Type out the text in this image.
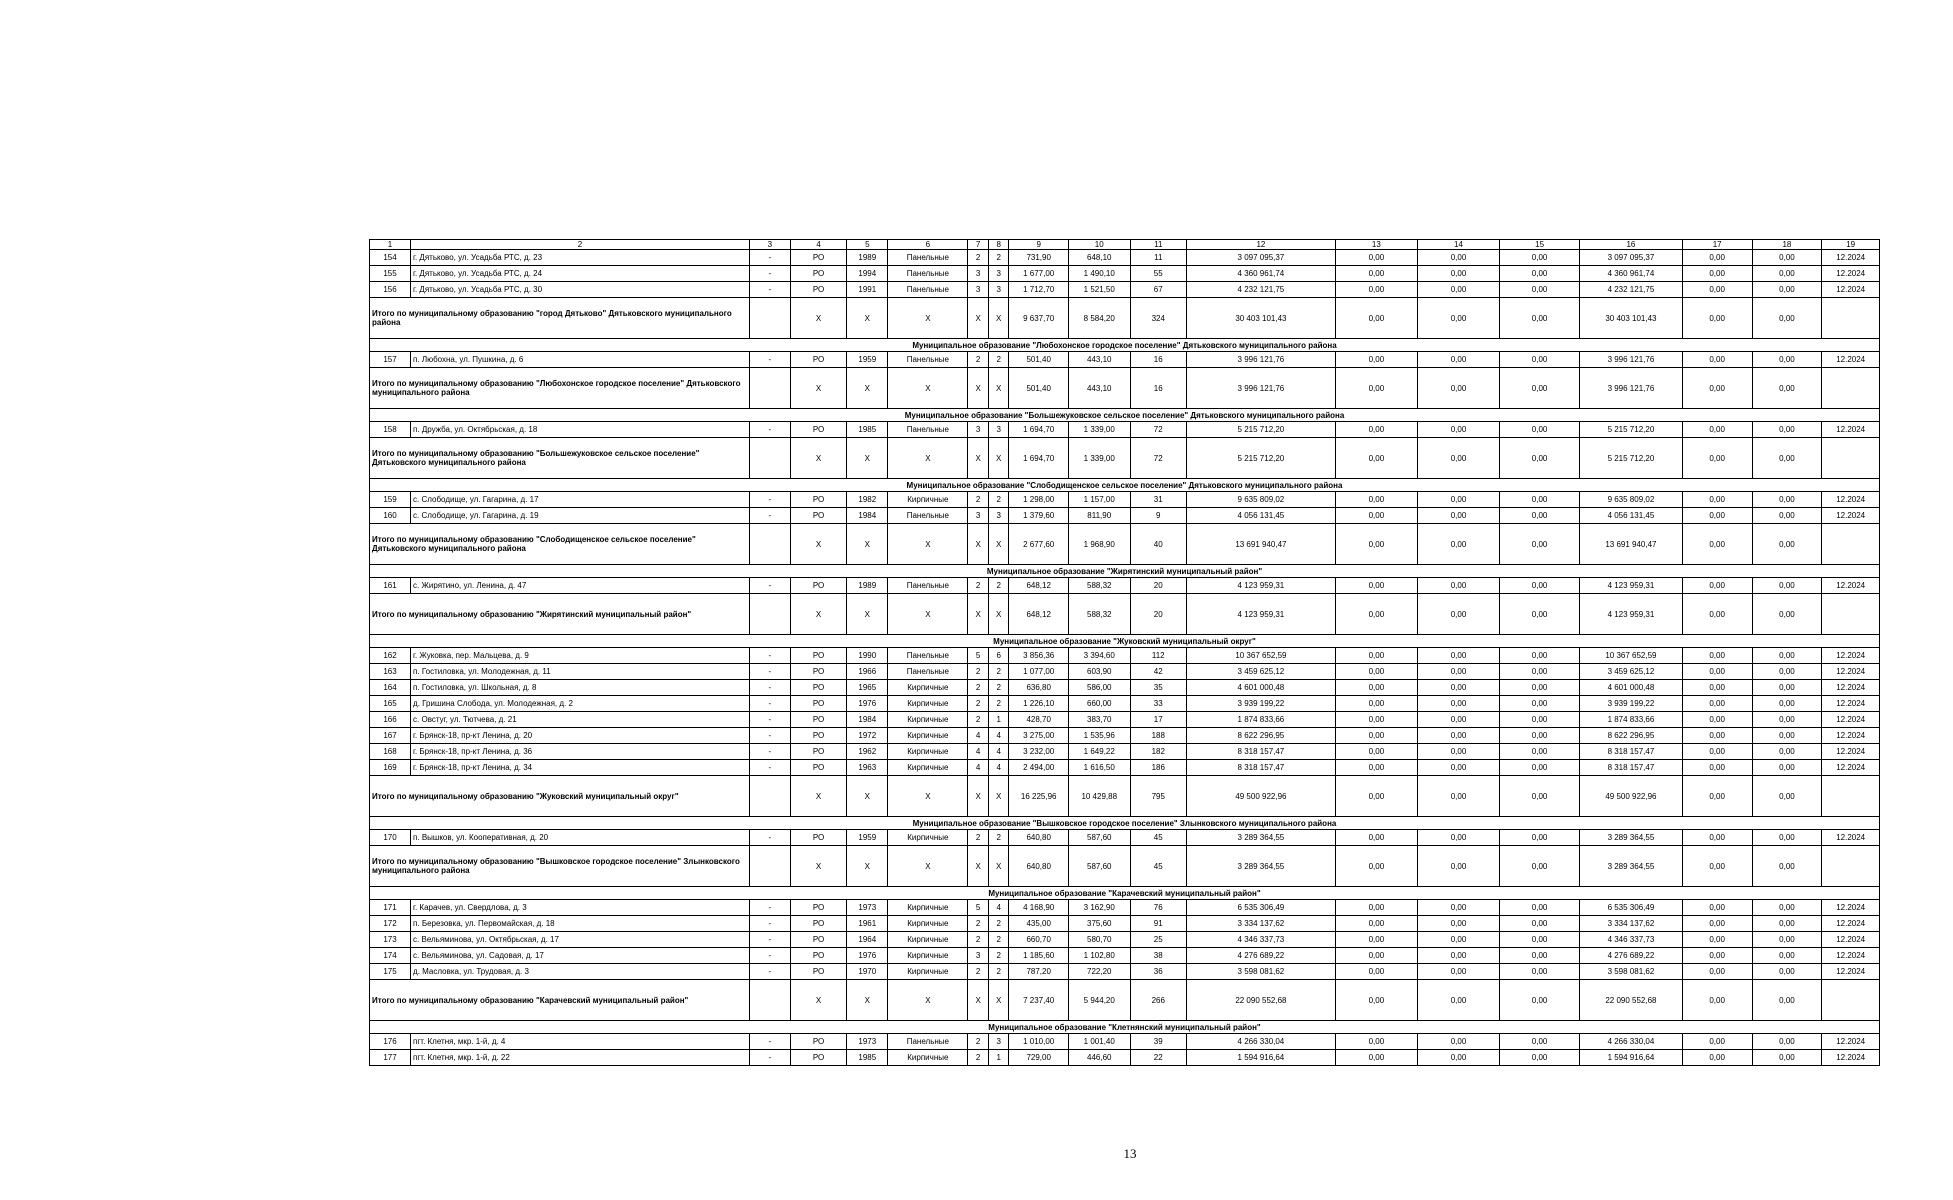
1	2	3	4	5	6	7	8	9	10	11	12	13	14	15	16	17	18	19
154	г. Дятьково, ул. Усадьба РТС, д. 23	-	РО	1989	Панельные	2	2	731,90	648,10	11	3 097 095,37	0,00	0,00	0,00	3 097 095,37	0,00	0,00	12.2024
155	г. Дятьково, ул. Усадьба РТС, д. 24	-	РО	1994	Панельные	3	3	1 677,00	1 490,10	55	4 360 961,74	0,00	0,00	0,00	4 360 961,74	0,00	0,00	12.2024
156	г. Дятьково, ул. Усадьба РТС, д. 30	-	РО	1991	Панельные	3	3	1 712,70	1 521,50	67	4 232 121,75	0,00	0,00	0,00	4 232 121,75	0,00	0,00	12.2024
Итого по муниципальному образованию "город Дятьково" Дятьковского муниципального района			Х	Х	Х	Х	Х	9 637,70	8 584,20	324	30 403 101,43	0,00	0,00	0,00	30 403 101,43	0,00	0,00	
Муниципальное образование "Любохонское городское поселение" Дятьковского муниципального района																		
157	п. Любохна, ул. Пушкина, д. 6	-	РО	1959	Панельные	2	2	501,40	443,10	16	3 996 121,76	0,00	0,00	0,00	3 996 121,76	0,00	0,00	12.2024
Итого по муниципальному образованию "Любохонское городское поселение" Дятьковского муниципального района			Х	Х	Х	Х	Х	501,40	443,10	16	3 996 121,76	0,00	0,00	0,00	3 996 121,76	0,00	0,00	
Муниципальное образование "Большежуковское сельское поселение" Дятьковского муниципального района																		
158	п. Дружба, ул. Октябрьская, д. 18	-	РО	1985	Панельные	3	3	1 694,70	1 339,00	72	5 215 712,20	0,00	0,00	0,00	5 215 712,20	0,00	0,00	12.2024
Итого по муниципальному образованию "Большежуковское сельское поселение" Дятьковского муниципального района			Х	Х	Х	Х	Х	1 694,70	1 339,00	72	5 215 712,20	0,00	0,00	0,00	5 215 712,20	0,00	0,00	
Муниципальное образование "Слободищенское сельское поселение" Дятьковского муниципального района																		
159	с. Слободище, ул. Гагарина, д. 17	-	РО	1982	Кирпичные	2	2	1 298,00	1 157,00	31	9 635 809,02	0,00	0,00	0,00	9 635 809,02	0,00	0,00	12.2024
160	с. Слободище, ул. Гагарина, д. 19	-	РО	1984	Панельные	3	3	1 379,60	811,90	9	4 056 131,45	0,00	0,00	0,00	4 056 131,45	0,00	0,00	12.2024
Итого по муниципальному образованию "Слободищенское сельское поселение" Дятьковского муниципального района			Х	Х	Х	Х	Х	2 677,60	1 968,90	40	13 691 940,47	0,00	0,00	0,00	13 691 940,47	0,00	0,00	
Муниципальное образование "Жирятинский муниципальный район"																		
161	с. Жирятино, ул. Ленина, д. 47	-	РО	1989	Панельные	2	2	648,12	588,32	20	4 123 959,31	0,00	0,00	0,00	4 123 959,31	0,00	0,00	12.2024
Итого по муниципальному образованию "Жирятинский муниципальный район"			Х	Х	Х	Х	Х	648,12	588,32	20	4 123 959,31	0,00	0,00	0,00	4 123 959,31	0,00	0,00	
Муниципальное образование "Жуковский муниципальный округ"																		
162	г. Жуковка, пер. Мальцева, д. 9	-	РО	1990	Панельные	5	6	3 856,36	3 394,60	112	10 367 652,59	0,00	0,00	0,00	10 367 652,59	0,00	0,00	12.2024
163	п. Гостиловка, ул. Молодежная, д. 11	-	РО	1966	Панельные	2	2	1 077,00	603,90	42	3 459 625,12	0,00	0,00	0,00	3 459 625,12	0,00	0,00	12.2024
164	п. Гостиловка, ул. Школьная, д. 8	-	РО	1965	Кирпичные	2	2	636,80	586,00	35	4 601 000,48	0,00	0,00	0,00	4 601 000,48	0,00	0,00	12.2024
165	д. Гришина Слобода, ул. Молодежная, д. 2	-	РО	1976	Кирпичные	2	2	1 226,10	660,00	33	3 939 199,22	0,00	0,00	0,00	3 939 199,22	0,00	0,00	12.2024
166	с. Овстуг, ул. Тютчева, д. 21	-	РО	1984	Кирпичные	2	1	428,70	383,70	17	1 874 833,66	0,00	0,00	0,00	1 874 833,66	0,00	0,00	12.2024
167	г. Брянск-18, пр-кт Ленина, д. 20	-	РО	1972	Кирпичные	4	4	3 275,00	1 535,96	188	8 622 296,95	0,00	0,00	0,00	8 622 296,95	0,00	0,00	12.2024
168	г. Брянск-18, пр-кт Ленина, д. 36	-	РО	1962	Кирпичные	4	4	3 232,00	1 649,22	182	8 318 157,47	0,00	0,00	0,00	8 318 157,47	0,00	0,00	12.2024
169	г. Брянск-18, пр-кт Ленина, д. 34	-	РО	1963	Кирпичные	4	4	2 494,00	1 616,50	186	8 318 157,47	0,00	0,00	0,00	8 318 157,47	0,00	0,00	12.2024
Итого по муниципальному образованию "Жуковский муниципальный округ"			Х	Х	Х	Х	Х	16 225,96	10 429,88	795	49 500 922,96	0,00	0,00	0,00	49 500 922,96	0,00	0,00	
Муниципальное образование "Вышковское городское поселение" Злынковского муниципального района																		
170	п. Вышков, ул. Кооперативная, д. 20	-	РО	1959	Кирпичные	2	2	640,80	587,60	45	3 289 364,55	0,00	0,00	0,00	3 289 364,55	0,00	0,00	12.2024
Итого по муниципальному образованию "Вышковское городское поселение" Злынковского муниципального района			Х	Х	Х	Х	Х	640,80	587,60	45	3 289 364,55	0,00	0,00	0,00	3 289 364,55	0,00	0,00	
Муниципальное образование "Карачевский муниципальный район"																		
171	г. Карачев, ул. Свердлова, д. 3	-	РО	1973	Кирпичные	5	4	4 168,90	3 162,90	76	6 535 306,49	0,00	0,00	0,00	6 535 306,49	0,00	0,00	12.2024
172	п. Березовка, ул. Первомайская, д. 18	-	РО	1961	Кирпичные	2	2	435,00	375,60	91	3 334 137,62	0,00	0,00	0,00	3 334 137,62	0,00	0,00	12.2024
173	с. Вельяминова, ул. Октябрьская, д. 17	-	РО	1964	Кирпичные	2	2	660,70	580,70	25	4 346 337,73	0,00	0,00	0,00	4 346 337,73	0,00	0,00	12.2024
174	с. Вельяминова, ул. Садовая, д. 17	-	РО	1976	Кирпичные	3	2	1 185,60	1 102,80	38	4 276 689,22	0,00	0,00	0,00	4 276 689,22	0,00	0,00	12.2024
175	д. Масловка, ул. Трудовая, д. 3	-	РО	1970	Кирпичные	2	2	787,20	722,20	36	3 598 081,62	0,00	0,00	0,00	3 598 081,62	0,00	0,00	12.2024
Итого по муниципальному образованию "Карачевский муниципальный район"			Х	Х	Х	Х	Х	7 237,40	5 944,20	266	22 090 552,68	0,00	0,00	0,00	22 090 552,68	0,00	0,00	
Муниципальное образование "Клетнянский муниципальный район"																		
176	пгт. Клетня, мкр. 1-й, д. 4	-	РО	1973	Панельные	2	3	1 010,00	1 001,40	39	4 266 330,04	0,00	0,00	0,00	4 266 330,04	0,00	0,00	12.2024
177	пгт. Клетня, мкр. 1-й, д. 22	-	РО	1985	Кирпичные	2	1	729,00	446,60	22	1 594 916,64	0,00	0,00	0,00	1 594 916,64	0,00	0,00	12.2024
13
